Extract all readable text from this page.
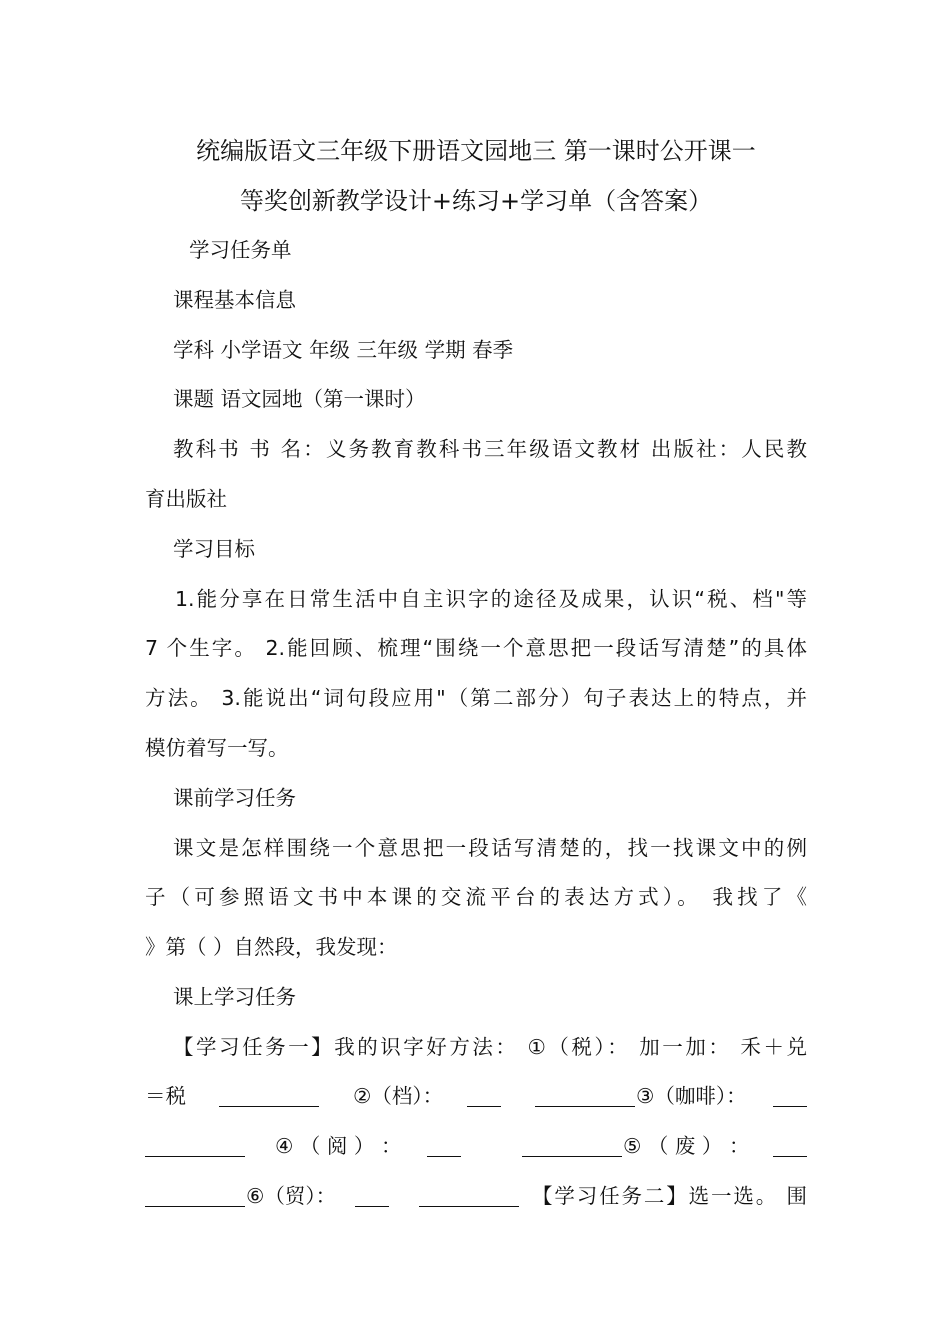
统编版语文三年级下册语文园地三 第一课时公开课一
等奖创新教学设计+练习+学习单（含答案）
学习任务单
课程基本信息
学科 小学语文 年级 三年级 学期 春季
课题 语文园地（第一课时）
教科书 书 名：义务教育教科书三年级语文教材 出版社：人民教
育出版社
学习目标
1.能分享在日常生活中自主识字的途径及成果，认识“税、档"等
7 个生字。 2.能回顾、梳理“围绕一个意思把一段话写清楚”的具体
方法。 3.能说出“词句段应用"（第二部分）句子表达上的特点，并
模仿着写一写。
课前学习任务
课文是怎样围绕一个意思把一段话写清楚的，找一找课文中的例
子（可参照语文书中本课的交流平台的表达方式）。 我找了《
》第（ ）自然段，我发现：
课上学习任务
【学习任务一】我的识字好方法： ①（税）： 加一加： 禾＋兑
＝税	②（档）：	③（咖啡）：
④ （ 阅 ） ：	⑤ （ 废 ） ：
⑥（贸）：	【学习任务二】选一选。 围
